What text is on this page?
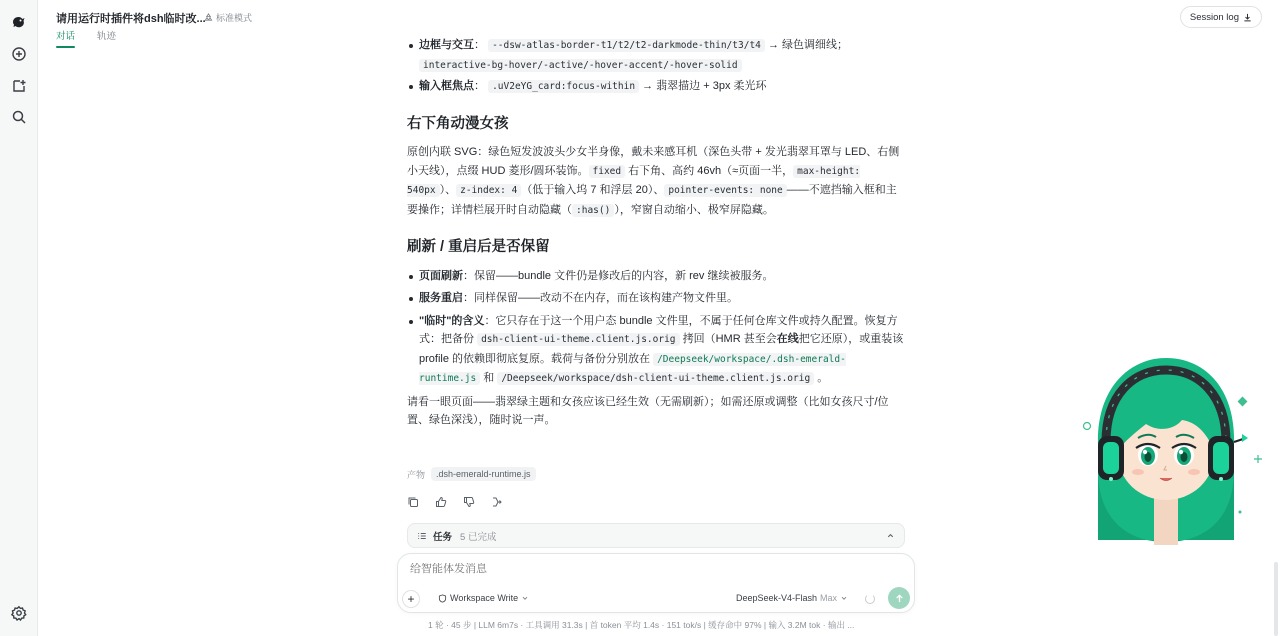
请用运行时插件将dsh临时改... 标准模式
对话 轨迹
Session log
边框与交互： --dsw-atlas-border-t1/t2/t2-darkmode-thin/t3/t4 → 绿色调细线； interactive-bg-hover/-active/-hover-accent/-hover-solid
输入框焦点： .uV2eYG_card:focus-within → 翡翠描边 + 3px 柔光环
右下角动漫女孩

原创内联 SVG：绿色短发波波头少女半身像，戴未来感耳机（深色头带 + 发光翡翠耳罩与 LED、右侧小天线），点缀 HUD 菱形/圆环装饰。 fixed 右下角、高约 46vh（≈页面一半， max-height: 540px ）、 z-index: 4 （低于输入坞 7 和浮层 20）、 pointer-events: none ——不遮挡输入框和主要操作；详情栏展开时自动隐藏（ :has() ），窄窗自动缩小、极窄屏隐藏。

刷新 / 重启后是否保留
页面刷新：保留——bundle 文件仍是修改后的内容，新 rev 继续被服务。
服务重启：同样保留——改动不在内存，而在该构建产物文件里。
"临时"的含义：它只存在于这一个用户态 bundle 文件里，不属于任何仓库文件或持久配置。恢复方式：把备份 dsh-client-ui-theme.client.js.orig 拷回（HMR 甚至会在线把它还原），或重装该 profile 的依赖即彻底复原。载荷与备份分别放在 /Deepseek/workspace/.dsh-emerald-runtime.js 和 /Deepseek/workspace/dsh-client-ui-theme.client.js.orig 。

请看一眼页面——翡翠绿主题和女孩应该已经生效（无需刷新）；如需还原或调整（比如女孩尺寸/位置、绿色深浅），随时说一声。

产物	.dsh-emerald-runtime.js
任务 5 已完成
给智能体发消息
+	Workspace Write	DeepSeek-V4-Flash Max
1 轮 · 45 步 | LLM 6m7s · 工具调用 31.3s | 首 token 平均 1.4s · 151 tok/s | 缓存命中 97% | 输入 3.2M tok · 输出 ...
